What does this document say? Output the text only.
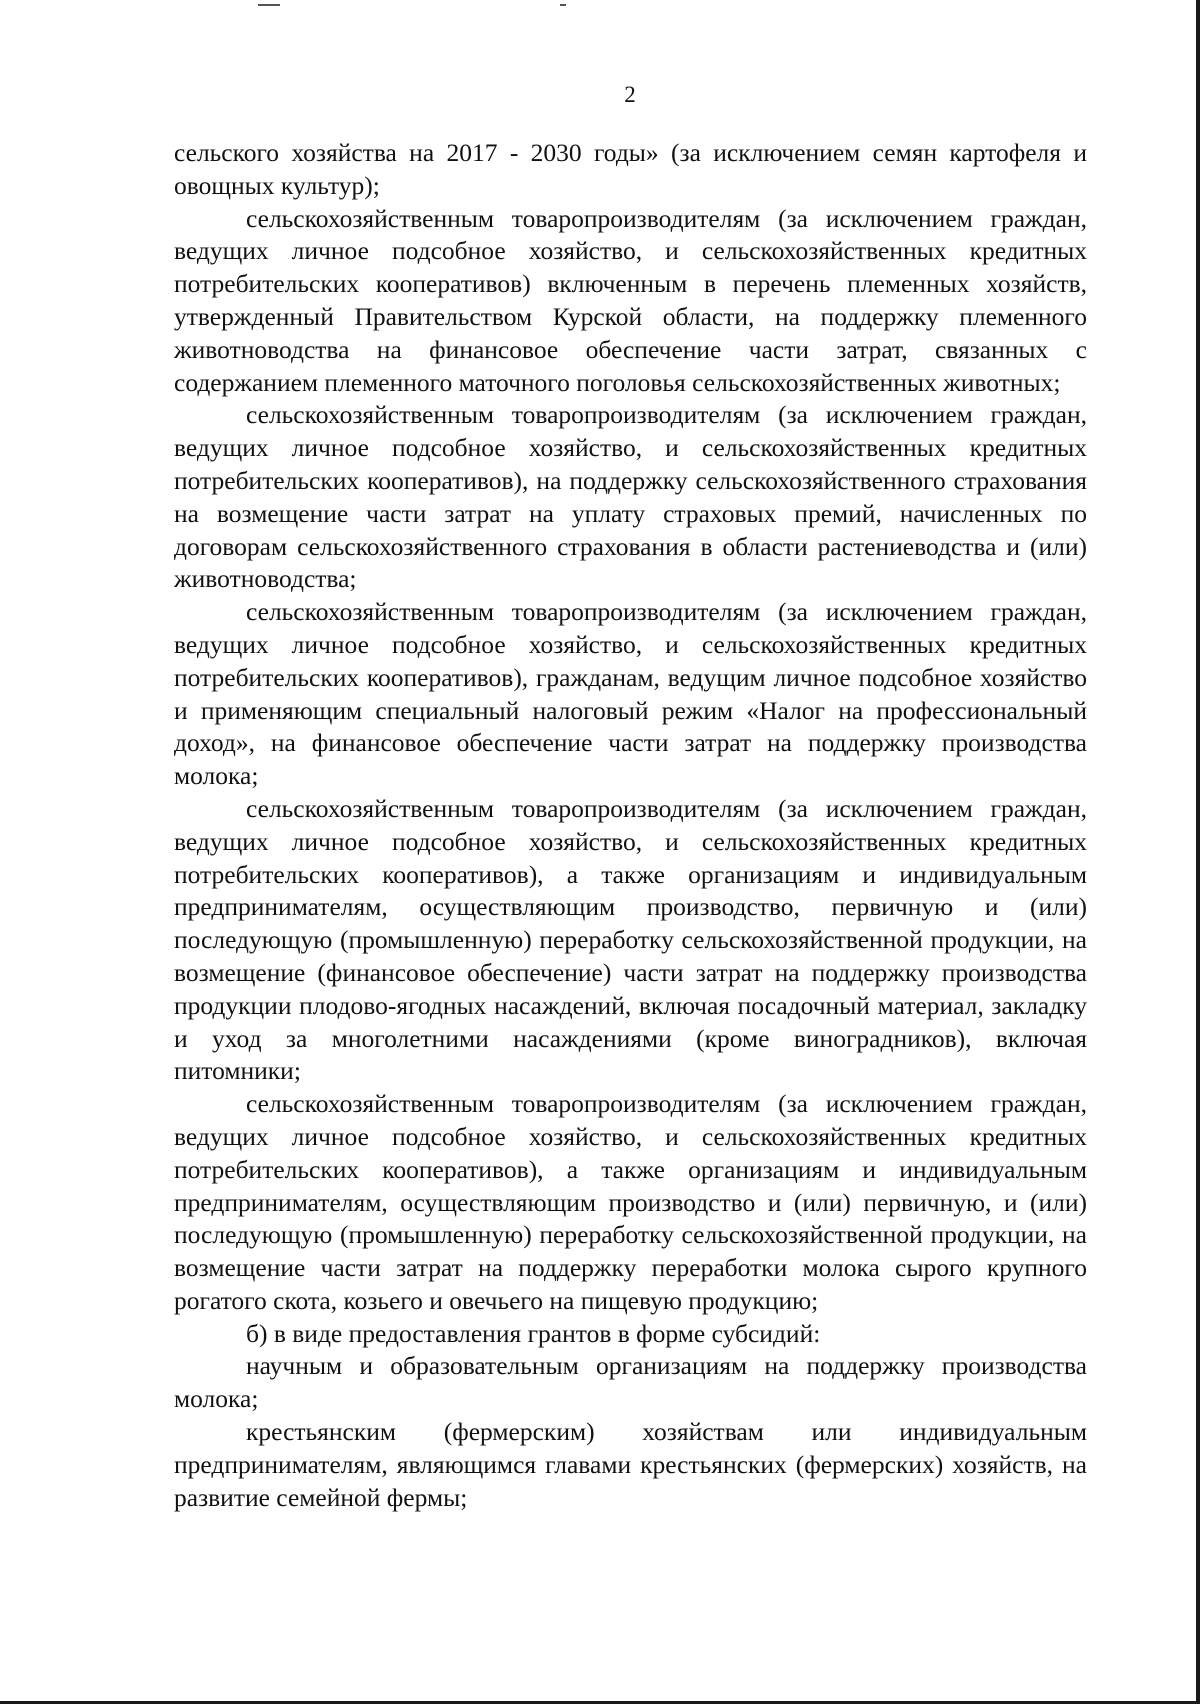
2

сельского хозяйства на 2017 - 2030 годы» (за исключением семян картофеля и овощных культур);

сельскохозяйственным товаропроизводителям (за исключением граждан, ведущих личное подсобное хозяйство, и сельскохозяйственных кредитных потребительских кооперативов) включенным в перечень племенных хозяйств, утвержденный Правительством Курской области, на поддержку племенного животноводства на финансовое обеспечение части затрат, связанных с содержанием племенного маточного поголовья сельскохозяйственных животных;

сельскохозяйственным товаропроизводителям (за исключением граждан, ведущих личное подсобное хозяйство, и сельскохозяйственных кредитных потребительских кооперативов), на поддержку сельскохозяйственного страхования на возмещение части затрат на уплату страховых премий, начисленных по договорам сельскохозяйственного страхования в области растениеводства и (или) животноводства;

сельскохозяйственным товаропроизводителям (за исключением граждан, ведущих личное подсобное хозяйство, и сельскохозяйственных кредитных потребительских кооперативов), гражданам, ведущим личное подсобное хозяйство и применяющим специальный налоговый режим «Налог на профессиональный доход», на финансовое обеспечение части затрат на поддержку производства молока;

сельскохозяйственным товаропроизводителям (за исключением граждан, ведущих личное подсобное хозяйство, и сельскохозяйственных кредитных потребительских кооперативов), а также организациям и индивидуальным предпринимателям, осуществляющим производство, первичную и (или) последующую (промышленную) переработку сельскохозяйственной продукции, на возмещение (финансовое обеспечение) части затрат на поддержку производства продукции плодово-ягодных насаждений, включая посадочный материал, закладку и уход за многолетними насаждениями (кроме виноградников), включая питомники;

сельскохозяйственным товаропроизводителям (за исключением граждан, ведущих личное подсобное хозяйство, и сельскохозяйственных кредитных потребительских кооперативов), а также организациям и индивидуальным предпринимателям, осуществляющим производство и (или) первичную, и (или) последующую (промышленную) переработку сельскохозяйственной продукции, на возмещение части затрат на поддержку переработки молока сырого крупного рогатого скота, козьего и овечьего на пищевую продукцию;

б) в виде предоставления грантов в форме субсидий:

научным и образовательным организациям на поддержку производства молока;

крестьянским (фермерским) хозяйствам или индивидуальным предпринимателям, являющимся главами крестьянских (фермерских) хозяйств, на развитие семейной фермы;
